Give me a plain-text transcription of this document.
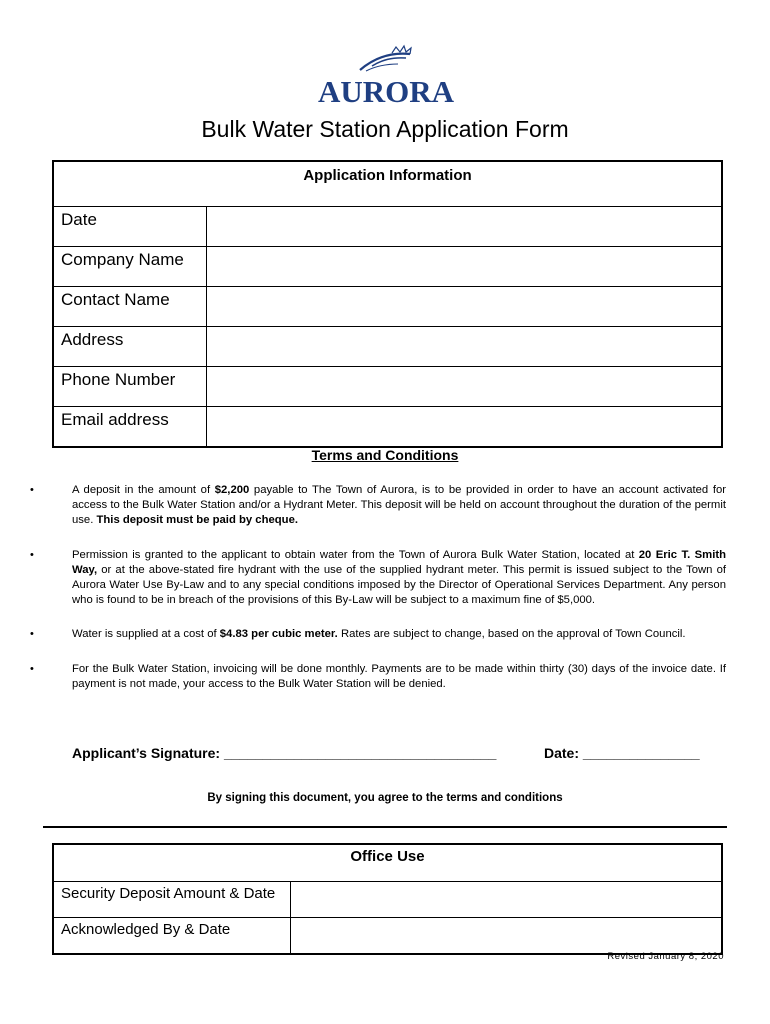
AURORA
Bulk Water Station Application Form
Application Information	
Date	
Company Name	
Contact Name	
Address	
Phone Number	
Email address	
Terms and Conditions
•	A deposit in the amount of $2,200 payable to The Town of Aurora, is to be provided in order to have an account activated for access to the Bulk Water Station and/or a Hydrant Meter. This deposit will be held on account throughout the duration of the permit use. This deposit must be paid by cheque.
•	Permission is granted to the applicant to obtain water from the Town of Aurora Bulk Water Station, located at 20 Eric T. Smith Way, or at the above-stated fire hydrant with the use of the supplied hydrant meter. This permit is issued subject to the Town of Aurora Water Use By-Law and to any special conditions imposed by the Director of Operational Services Department. Any person who is found to be in breach of the provisions of this By-Law will be subject to a maximum fine of $5,000.
•	Water is supplied at a cost of $4.83 per cubic meter. Rates are subject to change, based on the approval of Town Council.
•	For the Bulk Water Station, invoicing will be done monthly. Payments are to be made within thirty (30) days of the invoice date. If payment is not made, your access to the Bulk Water Station will be denied.
Applicant’s Signature: ___________________________________	Date: _______________
By signing this document, you agree to the terms and conditions
Office Use	
Security Deposit Amount & Date	
Acknowledged By & Date	
Revised January 8, 2020
